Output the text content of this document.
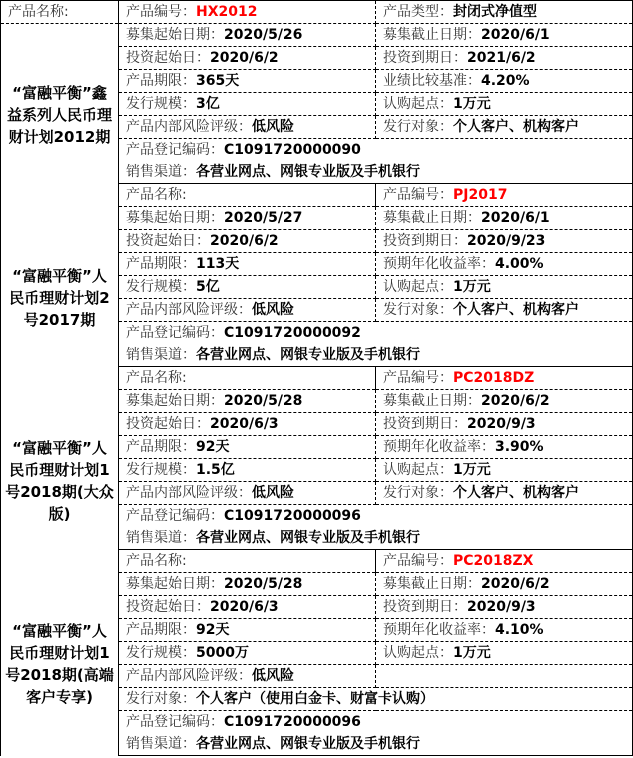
产品名称:	产品编号：HX2012	产品类型：封闭式净值型	
“富融平衡”鑫益系列人民币理财计划2012期	募集起始日期：2020/5/26	募集截止日期：2020/6/1	
	投资起始日：2020/6/2	投资到期日：2021/6/2	
	产品期限：365天	业绩比较基准：4.20%	
	发行规模：3亿	认购起点：1万元	
	产品内部风险评级：低风险	发行对象：个人客户、机构客户	

	产品登记编码：C1091720000090
销售渠道：各营业网点、网银专业版及手机银行		

	产品名称:	产品编号：PJ2017	
“富融平衡”人民币理财计划2号2017期	募集起始日期：2020/5/27	募集截止日期：2020/6/1	
	投资起始日：2020/6/2	投资到期日：2020/9/23	
	产品期限：113天	预期年化收益率：4.00%	
	发行规模：5亿	认购起点：1万元	
	产品内部风险评级：低风险	发行对象：个人客户、机构客户	

	产品登记编码：C1091720000092
销售渠道：各营业网点、网银专业版及手机银行		

	产品名称:	产品编号：PC2018DZ	
“富融平衡”人民币理财计划1号2018期(大众版)	募集起始日期：2020/5/28	募集截止日期：2020/6/2	
	投资起始日：2020/6/3	投资到期日：2020/9/3	
	产品期限：92天	预期年化收益率：3.90%	
	发行规模：1.5亿	认购起点：1万元	
	产品内部风险评级：低风险	发行对象：个人客户、机构客户	

	产品登记编码：C1091720000096
销售渠道：各营业网点、网银专业版及手机银行		

	产品名称:	产品编号：PC2018ZX	
“富融平衡”人民币理财计划1号2018期(高端客户专享)	募集起始日期：2020/5/28	募集截止日期：2020/6/2	
	投资起始日：2020/6/3	投资到期日：2020/9/3	
	产品期限：92天	预期年化收益率：4.10%	
	发行规模：5000万	认购起点：1万元	
	产品内部风险评级：低风险		
	发行对象：个人客户（使用白金卡、财富卡认购）		

	产品登记编码：C1091720000096
销售渠道：各营业网点、网银专业版及手机银行		
